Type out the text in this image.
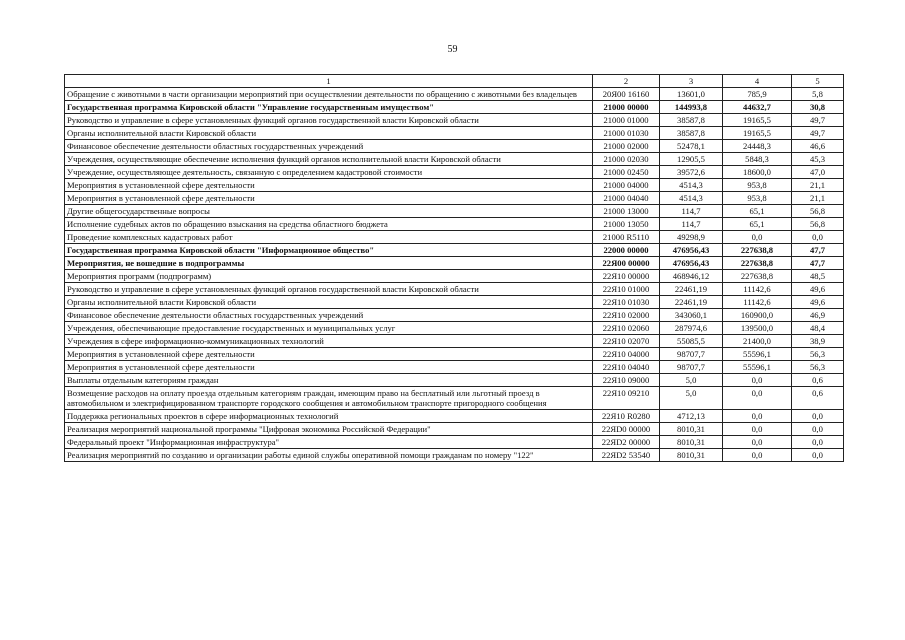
59
1	2	3	4	5
Обращение с животными в части организации мероприятий при осуществлении деятельности по обращению с животными без владельцев	20Я00 16160	13601,0	785,9	5,8
Государственная программа Кировской области "Управление государственным имуществом"	21000 00000	144993,8	44632,7	30,8
Руководство и управление в сфере установленных функций органов государственной власти Кировской области	21000 01000	38587,8	19165,5	49,7
Органы исполнительной власти Кировской области	21000 01030	38587,8	19165,5	49,7
Финансовое обеспечение деятельности областных государственных учреждений	21000 02000	52478,1	24448,3	46,6
Учреждения, осуществляющие обеспечение исполнения функций органов исполнительной власти Кировской области	21000 02030	12905,5	5848,3	45,3
Учреждение, осуществляющее деятельность, связанную с определением кадастровой стоимости	21000 02450	39572,6	18600,0	47,0
Мероприятия в установленной сфере деятельности	21000 04000	4514,3	953,8	21,1
Мероприятия в установленной сфере деятельности	21000 04040	4514,3	953,8	21,1
Другие общегосударственные вопросы	21000 13000	114,7	65,1	56,8
Исполнение судебных актов по обращению взыскания на средства областного бюджета	21000 13050	114,7	65,1	56,8
Проведение комплексных кадастровых работ	21000 R5110	49298,9	0,0	0,0
Государственная программа Кировской области "Информационное общество"	22000 00000	476956,43	227638,8	47,7
Мероприятия, не вошедшие в подпрограммы	22Я00 00000	476956,43	227638,8	47,7
Мероприятия программ (подпрограмм)	22Я10 00000	468946,12	227638,8	48,5
Руководство и управление в сфере установленных функций органов государственной власти Кировской области	22Я10 01000	22461,19	11142,6	49,6
Органы исполнительной власти Кировской области	22Я10 01030	22461,19	11142,6	49,6
Финансовое обеспечение деятельности областных государственных учреждений	22Я10 02000	343060,1	160900,0	46,9
Учреждения, обеспечивающие предоставление государственных и муниципальных услуг	22Я10 02060	287974,6	139500,0	48,4
Учреждения в сфере информационно-коммуникационных технологий	22Я10 02070	55085,5	21400,0	38,9
Мероприятия в установленной сфере деятельности	22Я10 04000	98707,7	55596,1	56,3
Мероприятия в установленной сфере деятельности	22Я10 04040	98707,7	55596,1	56,3
Выплаты отдельным категориям граждан	22Я10 09000	5,0	0,0	0,6
Возмещение расходов на оплату проезда отдельным категориям граждан, имеющим право на бесплатный или льготный проезд в автомобильном и электрифицированном транспорте городского сообщения и автомобильном транспорте пригородного сообщения	22Я10 09210	5,0	0,0	0,6
Поддержка региональных проектов в сфере информационных технологий	22Я10 R0280	4712,13	0,0	0,0
Реализация мероприятий национальной программы "Цифровая экономика Российской Федерации"	22ЯD0 00000	8010,31	0,0	0,0
Федеральный проект "Информационная инфраструктура"	22ЯD2 00000	8010,31	0,0	0,0
Реализация мероприятий по созданию и организации работы единой службы оперативной помощи гражданам по номеру "122"	22ЯD2 53540	8010,31	0,0	0,0
